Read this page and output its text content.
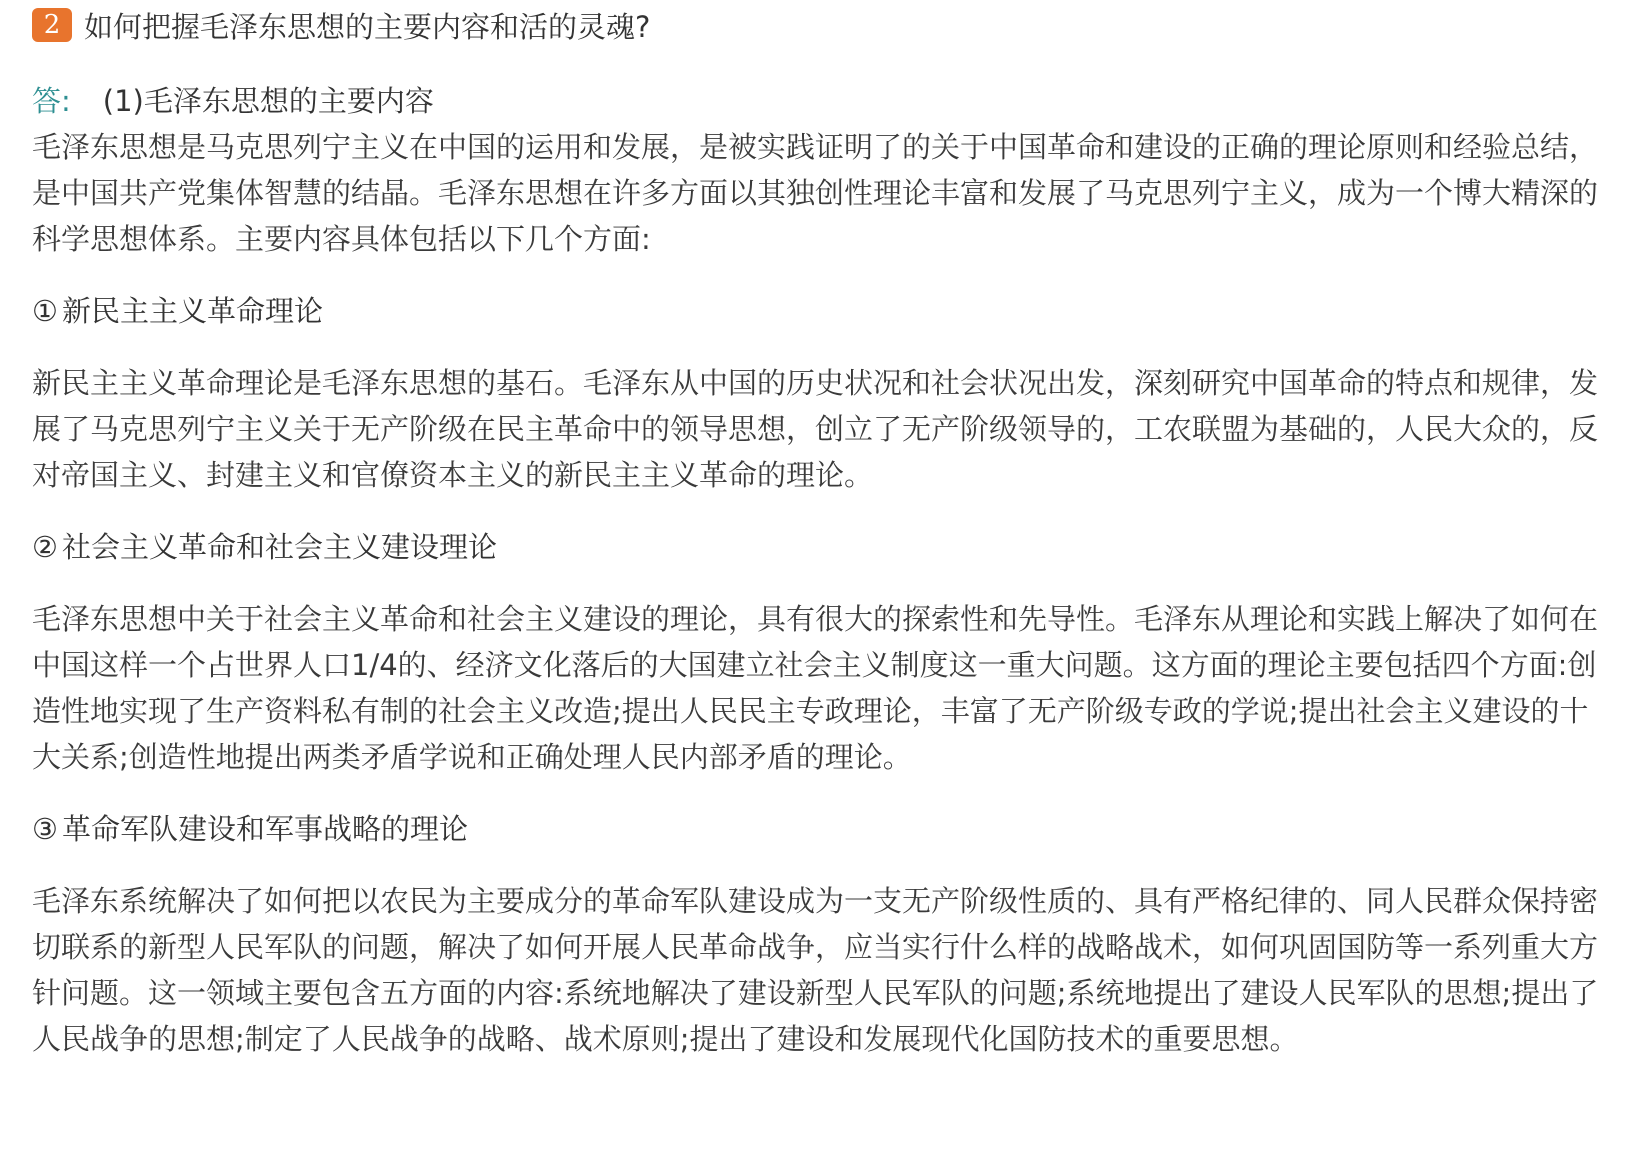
2 如何把握毛泽东思想的主要内容和活的灵魂?
答: (1)毛泽东思想的主要内容

毛泽东思想是马克思列宁主义在中国的运用和发展，是被实践证明了的关于中国革命和建设的正确的理论原则和经验总结，是中国共产党集体智慧的结晶。毛泽东思想在许多方面以其独创性理论丰富和发展了马克思列宁主义，成为一个博大精深的科学思想体系。主要内容具体包括以下几个方面:

① 新民主主义革命理论

新民主主义革命理论是毛泽东思想的基石。毛泽东从中国的历史状况和社会状况出发，深刻研究中国革命的特点和规律，发展了马克思列宁主义关于无产阶级在民主革命中的领导思想，创立了无产阶级领导的，工农联盟为基础的，人民大众的，反对帝国主义、封建主义和官僚资本主义的新民主主义革命的理论。

② 社会主义革命和社会主义建设理论

毛泽东思想中关于社会主义革命和社会主义建设的理论，具有很大的探索性和先导性。毛泽东从理论和实践上解决了如何在中国这样一个占世界人口1/4的、经济文化落后的大国建立社会主义制度这一重大问题。这方面的理论主要包括四个方面:创造性地实现了生产资料私有制的社会主义改造;提出人民民主专政理论，丰富了无产阶级专政的学说;提出社会主义建设的十大关系;创造性地提出两类矛盾学说和正确处理人民内部矛盾的理论。

③ 革命军队建设和军事战略的理论

毛泽东系统解决了如何把以农民为主要成分的革命军队建设成为一支无产阶级性质的、具有严格纪律的、同人民群众保持密切联系的新型人民军队的问题，解决了如何开展人民革命战争，应当实行什么样的战略战术，如何巩固国防等一系列重大方针问题。这一领域主要包含五方面的内容:系统地解决了建设新型人民军队的问题;系统地提出了建设人民军队的思想;提出了人民战争的思想;制定了人民战争的战略、战术原则;提出了建设和发展现代化国防技术的重要思想。
